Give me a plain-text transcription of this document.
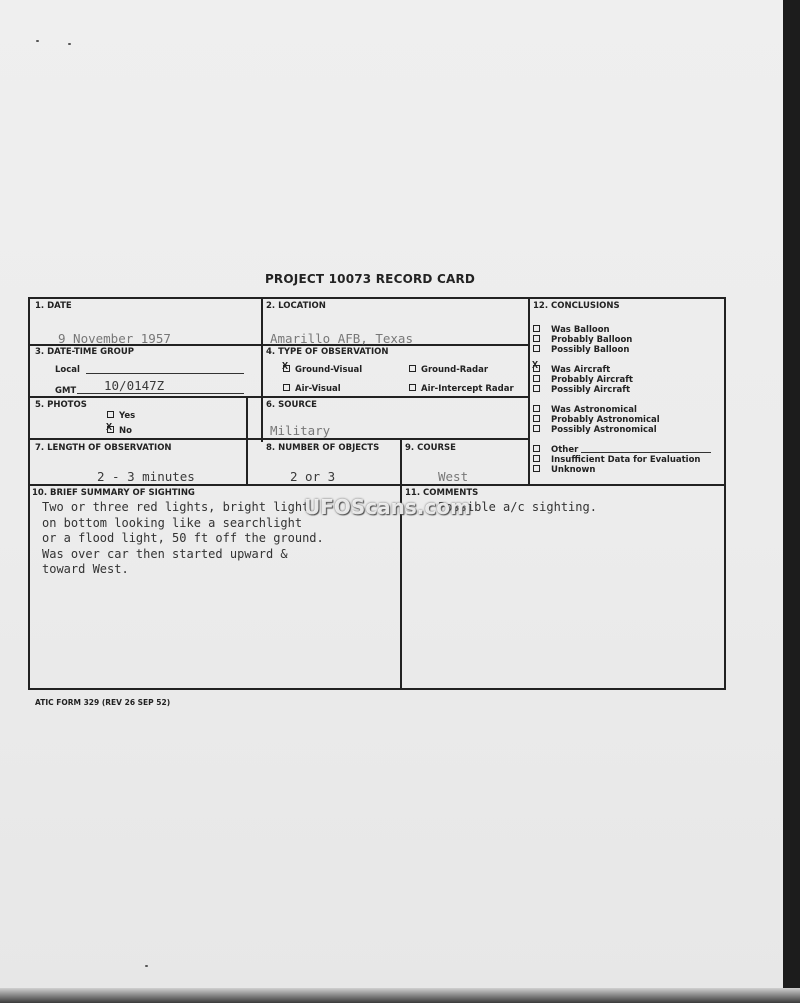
PROJECT 10073 RECORD CARD
1. DATE
9 November 1957
2. LOCATION
Amarillo AFB, Texas
3. DATE-TIME GROUP
Local
GMT 10/0147Z
4. TYPE OF OBSERVATION
X Ground-Visual	Ground-Radar
Air-Visual	Air-Intercept Radar
5. PHOTOS
Yes
X No
6. SOURCE
Military
7. LENGTH OF OBSERVATION
2 - 3 minutes
8. NUMBER OF OBJECTS
2 or 3
9. COURSE
West
10. BRIEF SUMMARY OF SIGHTING
Two or three red lights, bright light
on bottom looking like a searchlight
or a flood light, 50 ft off the ground.
Was over car then started upward &
toward West.
11. COMMENTS
Possible a/c sighting.
12. CONCLUSIONS
Was Balloon
Probably Balloon
Possibly Balloon
X Was Aircraft
Probably Aircraft
Possibly Aircraft
Was Astronomical
Probably Astronomical
Possibly Astronomical
Other
Insufficient Data for Evaluation
Unknown
UFOScans.com
ATIC FORM 329 (REV 26 SEP 52)
